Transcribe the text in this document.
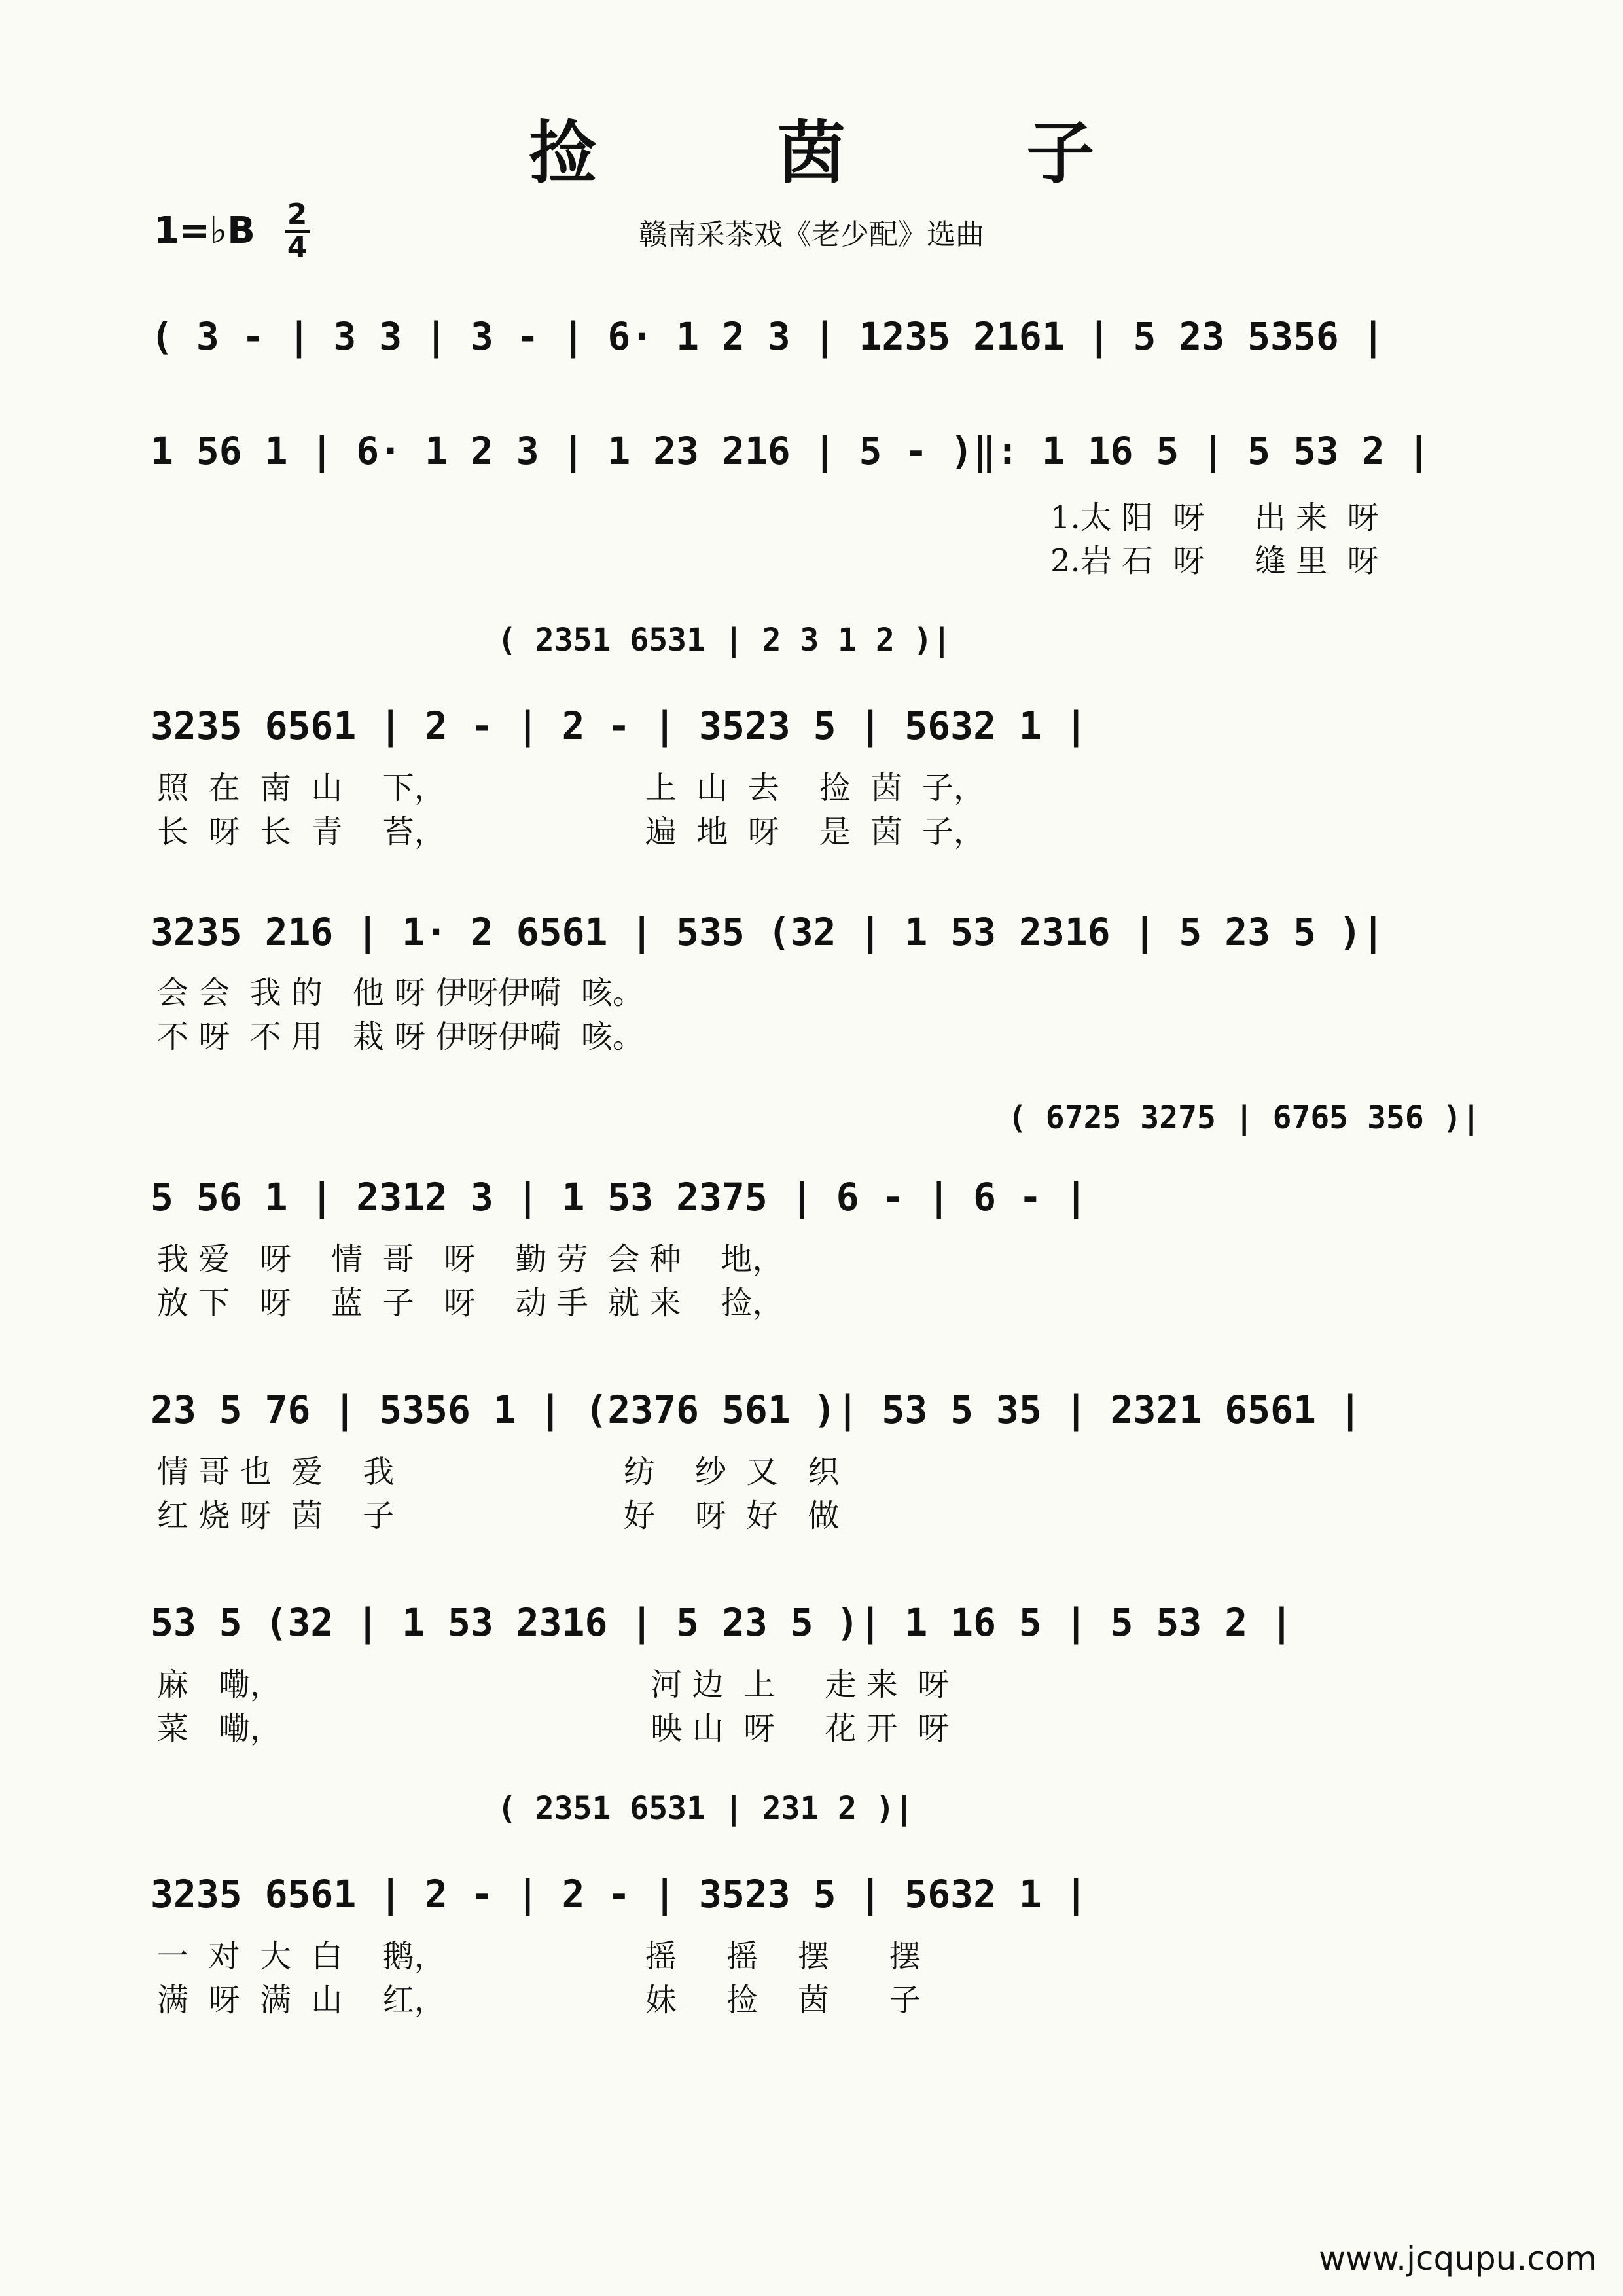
捡 茵 子
1=♭B 2
4	赣南采茶戏《老少配》选曲
( 3 - | 3 3 | 3 - | 6· 1 2 3 | 1235 2161 | 5 23 5356 |
1 56 1 | 6· 1 2 3 | 1 23 216 | 5 - )‖: 1 16 5 | 5 53 2 |
1.太 阳  呀     出 来  呀
2.岩 石  呀     缝 里  呀
( 2351 6531 | 2 3 1 2 )|
3235 6561 | 2 - | 2 - | 3523 5 | 5632 1 |
照  在  南  山    下，                    上  山  去    捡  茵  子，
长  呀  长  青    苔，                    遍  地  呀    是  茵  子，
3235 216 | 1· 2 6561 | 535 (32 | 1 53 2316 | 5 23 5 )|
会 会  我 的   他 呀 伊呀伊嗬  咳。
不 呀  不 用   栽 呀 伊呀伊嗬  咳。
( 6725 3275 | 6765 356 )|
5 56 1 | 2312 3 | 1 53 2375 | 6 - | 6 - |
我 爱   呀    情  哥   呀    勤 劳  会 种    地，
放 下   呀    蓝  子   呀    动 手  就 来    捡，
23 5 76 | 5356 1 | (2376 561 )| 53 5 35 | 2321 6561 |
情 哥 也  爱    我                       纺    纱  又   织
红 烧 呀  茵    子                       好    呀  好   做
53 5 (32 | 1 53 2316 | 5 23 5 )| 1 16 5 | 5 53 2 |
麻   嘞，                                     河 边  上     走 来  呀
菜   嘞，                                     映 山  呀     花 开  呀
( 2351 6531 | 231 2 )|
3235 6561 | 2 - | 2 - | 3523 5 | 5632 1 |
一  对  大  白    鹅，                    摇     摇    摆      摆
满  呀  满  山    红，                    妹     捡    茵      子
www.jcqupu.com
